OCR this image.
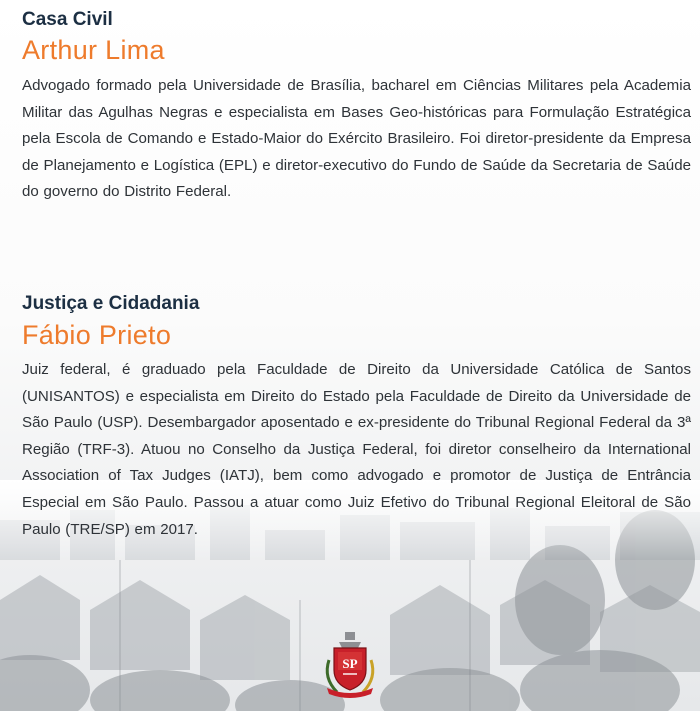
Casa Civil
Arthur Lima

Advogado formado pela Universidade de Brasília, bacharel em Ciências Militares pela Academia Militar das Agulhas Negras e especialista em Bases Geo-históricas para Formulação Estratégica pela Escola de Comando e Estado-Maior do Exército Brasileiro. Foi diretor-presidente da Empresa de Planejamento e Logística (EPL) e diretor-executivo do Fundo de Saúde da Secretaria de Saúde do governo do Distrito Federal.

Justiça e Cidadania
Fábio Prieto

Juiz federal, é graduado pela Faculdade de Direito da Universidade Católica de Santos (UNISANTOS) e especialista em Direito do Estado pela Faculdade de Direito da Universidade de São Paulo (USP). Desembargador aposentado e ex-presidente do Tribunal Regional Federal da 3ª Região (TRF-3). Atuou no Conselho da Justiça Federal, foi diretor conselheiro da International Association of Tax Judges (IATJ), bem como advogado e promotor de Justiça de Entrância Especial em São Paulo. Passou a atuar como Juiz Efetivo do Tribunal Regional Eleitoral de São Paulo (TRE/SP) em 2017.

SP
